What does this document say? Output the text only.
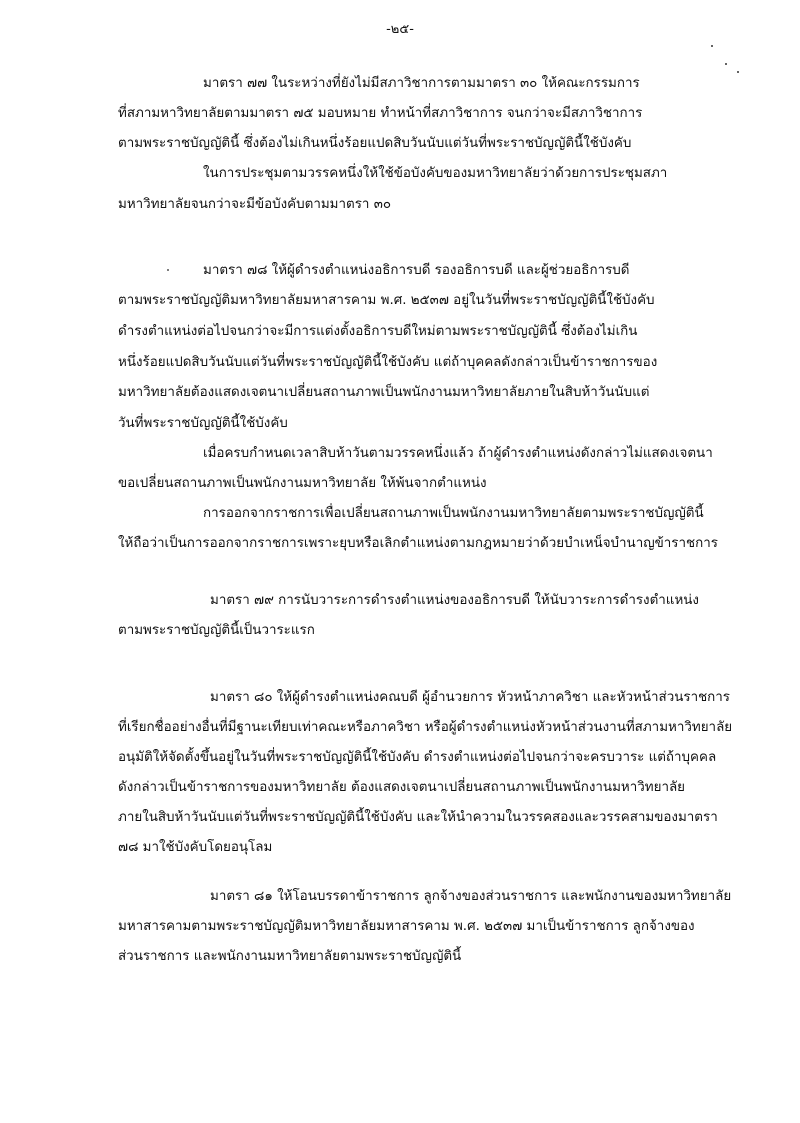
-๒๕-
มาตรา ๗๗ ในระหว่างที่ยังไม่มีสภาวิชาการตามมาตรา ๓๐ ให้คณะกรรมการ
ที่สภามหาวิทยาลัยตามมาตรา ๗๕ มอบหมาย ทำหน้าที่สภาวิชาการ จนกว่าจะมีสภาวิชาการ
ตามพระราชบัญญัตินี้ ซึ่งต้องไม่เกินหนึ่งร้อยแปดสิบวันนับแต่วันที่พระราชบัญญัตินี้ใช้บังคับ
ในการประชุมตามวรรคหนึ่งให้ใช้ข้อบังคับของมหาวิทยาลัยว่าด้วยการประชุมสภา
มหาวิทยาลัยจนกว่าจะมีข้อบังคับตามมาตรา ๓๐
มาตรา ๗๘ ให้ผู้ดำรงตำแหน่งอธิการบดี รองอธิการบดี และผู้ช่วยอธิการบดี
ตามพระราชบัญญัติมหาวิทยาลัยมหาสารคาม พ.ศ. ๒๕๓๗ อยู่ในวันที่พระราชบัญญัตินี้ใช้บังคับ
ดำรงตำแหน่งต่อไปจนกว่าจะมีการแต่งตั้งอธิการบดีใหม่ตามพระราชบัญญัตินี้ ซึ่งต้องไม่เกิน
หนึ่งร้อยแปดสิบวันนับแต่วันที่พระราชบัญญัตินี้ใช้บังคับ แต่ถ้าบุคคลดังกล่าวเป็นข้าราชการของ
มหาวิทยาลัยต้องแสดงเจตนาเปลี่ยนสถานภาพเป็นพนักงานมหาวิทยาลัยภายในสิบห้าวันนับแต่
วันที่พระราชบัญญัตินี้ใช้บังคับ
เมื่อครบกำหนดเวลาสิบห้าวันตามวรรคหนึ่งแล้ว ถ้าผู้ดำรงตำแหน่งดังกล่าวไม่แสดงเจตนา
ขอเปลี่ยนสถานภาพเป็นพนักงานมหาวิทยาลัย ให้พ้นจากตำแหน่ง
การออกจากราชการเพื่อเปลี่ยนสถานภาพเป็นพนักงานมหาวิทยาลัยตามพระราชบัญญัตินี้
ให้ถือว่าเป็นการออกจากราชการเพราะยุบหรือเลิกตำแหน่งตามกฎหมายว่าด้วยบำเหน็จบำนาญข้าราชการ
มาตรา ๗๙ การนับวาระการดำรงตำแหน่งของอธิการบดี ให้นับวาระการดำรงตำแหน่ง
ตามพระราชบัญญัตินี้เป็นวาระแรก
มาตรา ๘๐ ให้ผู้ดำรงตำแหน่งคณบดี ผู้อำนวยการ หัวหน้าภาควิชา และหัวหน้าส่วนราชการ
ที่เรียกชื่ออย่างอื่นที่มีฐานะเทียบเท่าคณะหรือภาควิชา หรือผู้ดำรงตำแหน่งหัวหน้าส่วนงานที่สภามหาวิทยาลัย
อนุมัติให้จัดตั้งขึ้นอยู่ในวันที่พระราชบัญญัตินี้ใช้บังคับ ดำรงตำแหน่งต่อไปจนกว่าจะครบวาระ แต่ถ้าบุคคล
ดังกล่าวเป็นข้าราชการของมหาวิทยาลัย ต้องแสดงเจตนาเปลี่ยนสถานภาพเป็นพนักงานมหาวิทยาลัย
ภายในสิบห้าวันนับแต่วันที่พระราชบัญญัตินี้ใช้บังคับ และให้นำความในวรรคสองและวรรคสามของมาตรา
๗๘ มาใช้บังคับโดยอนุโลม
มาตรา ๘๑ ให้โอนบรรดาข้าราชการ ลูกจ้างของส่วนราชการ และพนักงานของมหาวิทยาลัย
มหาสารคามตามพระราชบัญญัติมหาวิทยาลัยมหาสารคาม พ.ศ. ๒๕๓๗ มาเป็นข้าราชการ ลูกจ้างของ
ส่วนราชการ และพนักงานมหาวิทยาลัยตามพระราชบัญญัตินี้
